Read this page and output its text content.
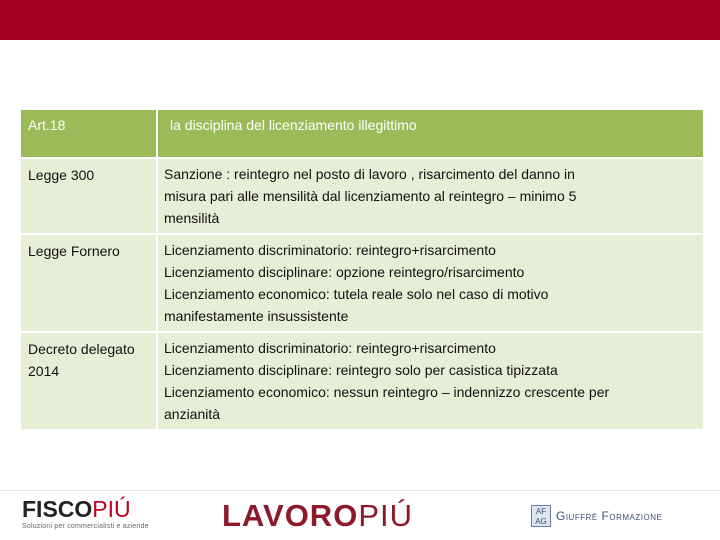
Art.18	la disciplina del licenziamento illegittimo
Legge 300	Sanzione : reintegro nel posto di lavoro , risarcimento del danno in
misura pari alle mensilità dal licenziamento al reintegro – minimo 5
mensilità

Legge Fornero	Licenziamento discriminatorio: reintegro+risarcimento
Licenziamento disciplinare: opzione reintegro/risarcimento
Licenziamento economico: tutela reale solo nel caso di motivo
manifestamente insussistente

Decreto delegato 2014	Licenziamento discriminatorio: reintegro+risarcimento
Licenziamento disciplinare: reintegro solo per casistica tipizzata
Licenziamento economico: nessun reintegro – indennizzo crescente per
anzianità
FISCOPIÚ
Soluzioni per commercialisti e aziende LAVOROPIÚ	AF AG Giuffrè Formazione
